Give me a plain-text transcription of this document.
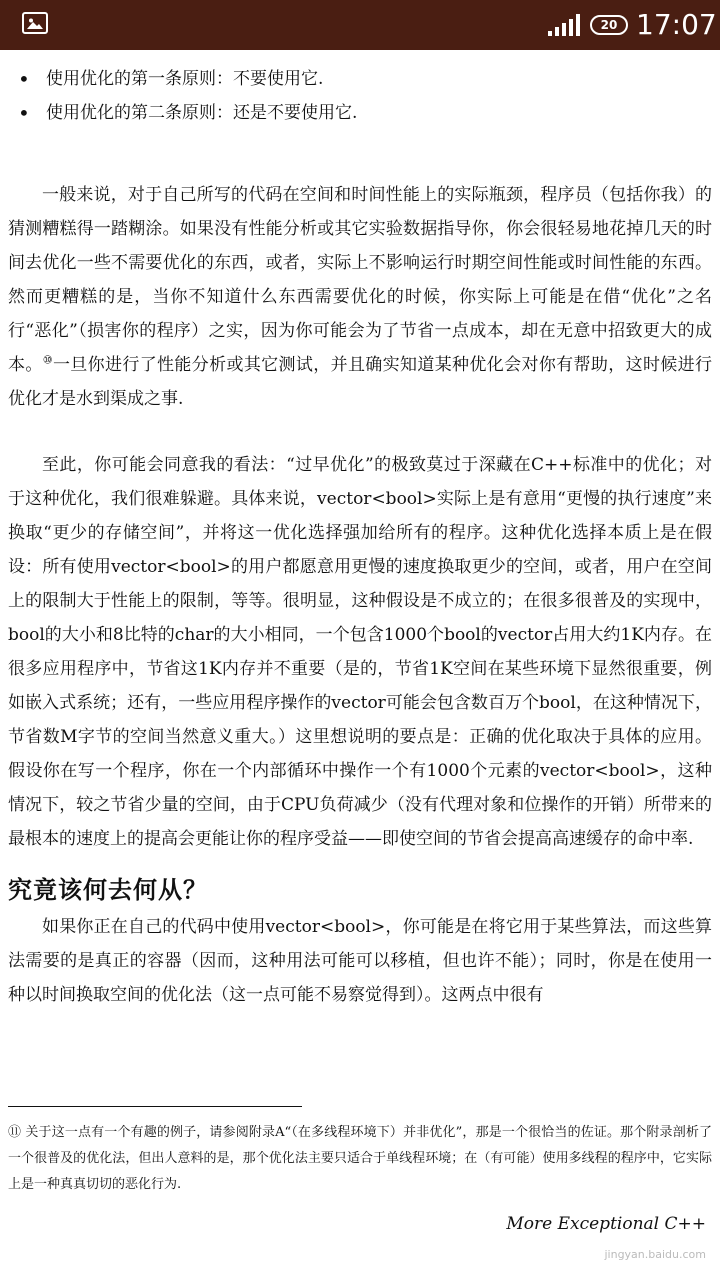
20 17:07
• 使用优化的第一条原则：不要使用它.
• 使用优化的第二条原则：还是不要使用它.

一般来说，对于自己所写的代码在空间和时间性能上的实际瓶颈，程序员（包括你我）的猜测糟糕得一踏糊涂。如果没有性能分析或其它实验数据指导你，你会很轻易地花掉几天的时间去优化一些不需要优化的东西，或者，实际上不影响运行时期空间性能或时间性能的东西。然而更糟糕的是，当你不知道什么东西需要优化的时候，你实际上可能是在借“优化”之名行“恶化”（损害你的程序）之实，因为你可能会为了节省一点成本，却在无意中招致更大的成本。⑩一旦你进行了性能分析或其它测试，并且确实知道某种优化会对你有帮助，这时候进行优化才是水到渠成之事.

至此，你可能会同意我的看法：“过早优化”的极致莫过于深藏在C++标准中的优化；对于这种优化，我们很难躲避。具体来说，vector<bool>实际上是有意用“更慢的执行速度”来换取“更少的存储空间”，并将这一优化选择强加给所有的程序。这种优化选择本质上是在假设：所有使用vector<bool>的用户都愿意用更慢的速度换取更少的空间，或者，用户在空间上的限制大于性能上的限制，等等。很明显，这种假设是不成立的；在很多很普及的实现中，bool的大小和8比特的char的大小相同，一个包含1000个bool的vector占用大约1K内存。在很多应用程序中，节省这1K内存并不重要（是的，节省1K空间在某些环境下显然很重要，例如嵌入式系统；还有，一些应用程序操作的vector可能会包含数百万个bool，在这种情况下，节省数M字节的空间当然意义重大。）这里想说明的要点是：正确的优化取决于具体的应用。假设你在写一个程序，你在一个内部循环中操作一个有1000个元素的vector<bool>，这种情况下，较之节省少量的空间，由于CPU负荷减少（没有代理对象和位操作的开销）所带来的最根本的速度上的提高会更能让你的程序受益——即使空间的节省会提高高速缓存的命中率.

究竟该何去何从？

如果你正在自己的代码中使用vector<bool>，你可能是在将它用于某些算法，而这些算法需要的是真正的容器（因而，这种用法可能可以移植，但也许不能）；同时，你是在使用一种以时间换取空间的优化法（这一点可能不易察觉得到）。这两点中很有

⑪ 关于这一点有一个有趣的例子，请参阅附录A“（在多线程环境下）并非优化”，那是一个很恰当的佐证。那个附录剖析了一个很普及的优化法，但出人意料的是，那个优化法主要只适合于单线程环境；在（有可能）使用多线程的程序中，它实际上是一种真真切切的恶化行为.
More Exceptional C++
jingyan.baidu.com
